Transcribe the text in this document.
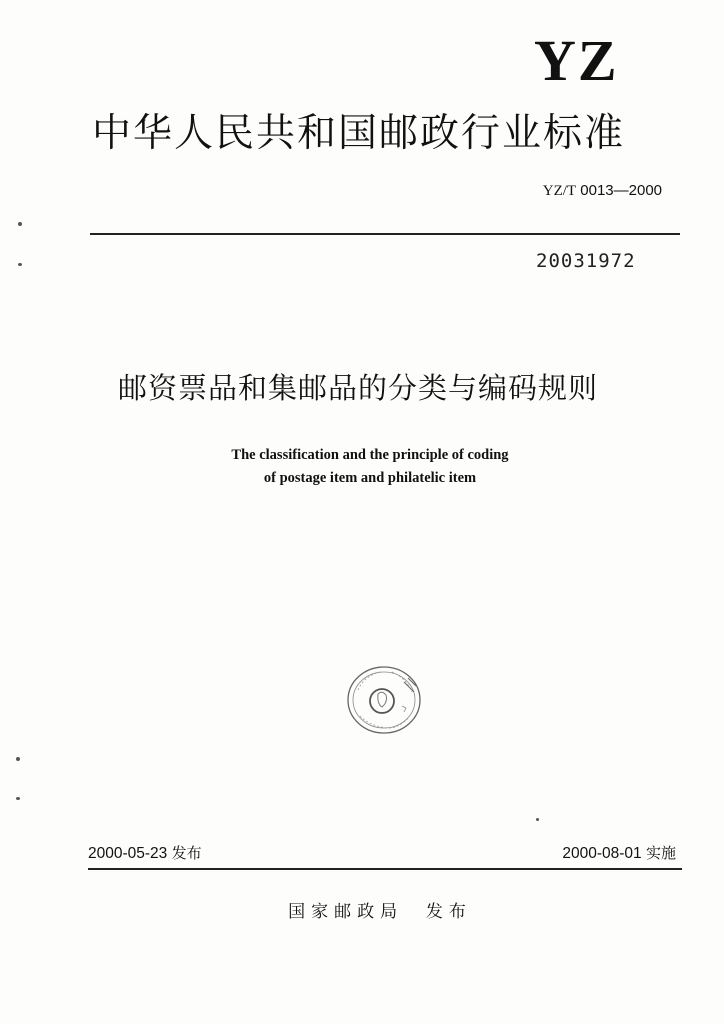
YZ
中华人民共和国邮政行业标准
YZ/T 0013—2000
20031972
邮资票品和集邮品的分类与编码规则
The classification and the principle of coding
of postage item and philatelic item
2000-05-23 发布	2000-08-01 实施
国家邮政局  发布
